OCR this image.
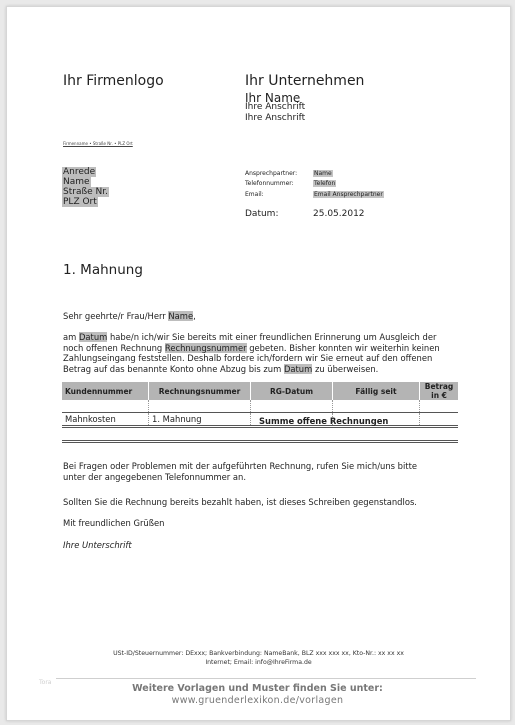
Ihr Firmenlogo	Ihr Unternehmen
Ihr Name
Ihre Anschrift
Ihre Anschrift
Firmenname • Straße Nr. • PLZ Ort
Anrede
Name
Straße Nr.
PLZ Ort
Ansprechpartner:	Name
Telefonnummer:	Telefon
Email:	Email Ansprechpartner
Datum:	25.05.2012
1. Mahnung
Sehr geehrte/r Frau/Herr Name,
am Datum habe/n ich/wir Sie bereits mit einer freundlichen Erinnerung um Ausgleich der
noch offenen Rechnung Rechnungsnummer gebeten. Bisher konnten wir weiterhin keinen
Zahlungseingang feststellen. Deshalb fordere ich/fordern wir Sie erneut auf den offenen
Betrag auf das benannte Konto ohne Abzug bis zum Datum zu überweisen.
Kundennummer	Rechnungsnummer	RG-Datum	Fällig seit	Betrag in €

Mahnkosten	1. Mahnung				Summe offene Rechnungen
Bei Fragen oder Problemen mit der aufgeführten Rechnung, rufen Sie mich/uns bitte
unter der angegebenen Telefonnummer an.
Sollten Sie die Rechnung bereits bezahlt haben, ist dieses Schreiben gegenstandlos.
Mit freundlichen Grüßen
Ihre Unterschrift
USt-ID/Steuernummer: DExxx; Bankverbindung: NameBank, BLZ xxx xxx xx, Kto-Nr.: xx xx xx
Internet; Email: info@IhreFirma.de
Tora
Weitere Vorlagen und Muster finden Sie unter:
www.gruenderlexikon.de/vorlagen
